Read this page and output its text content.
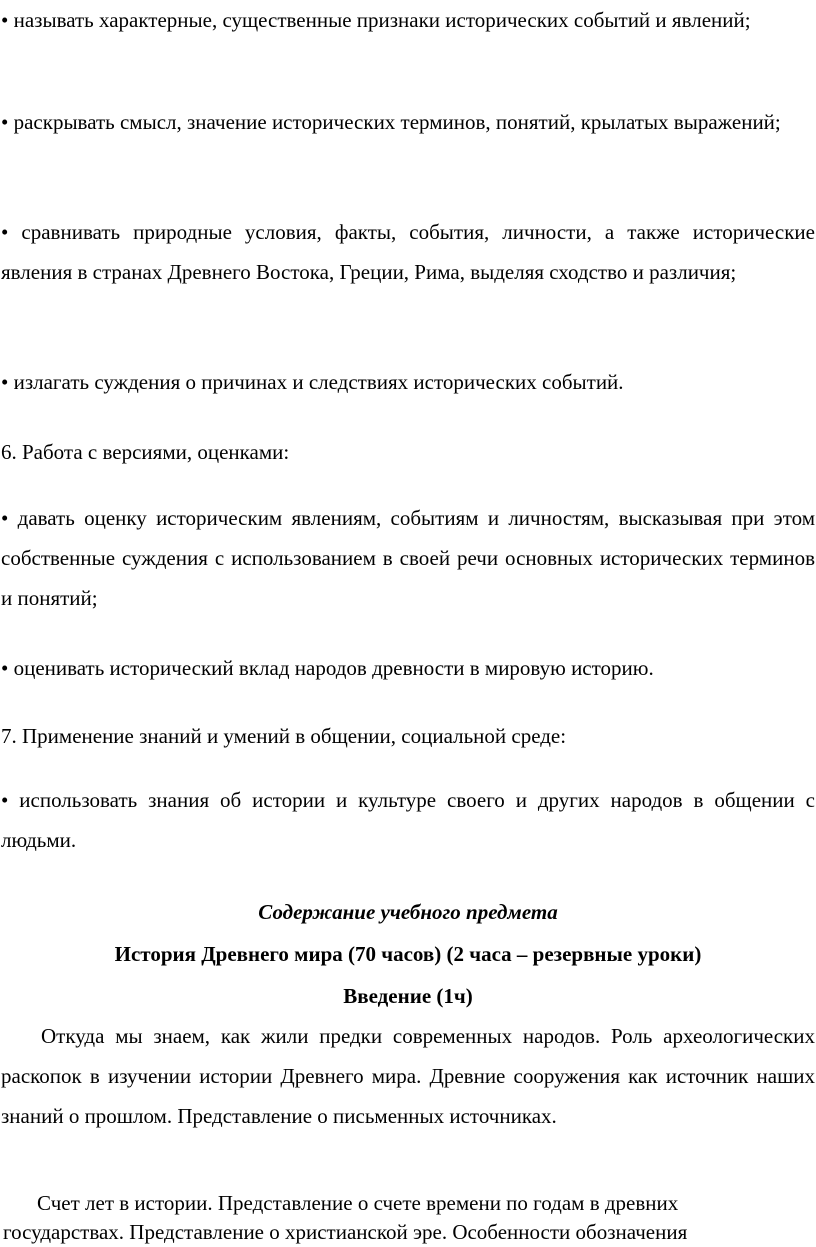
• называть характерные, существенные признаки исторических событий и явлений;

• раскрывать смысл, значение исторических терминов, понятий, крылатых выражений;

• сравнивать природные условия, факты, события, личности, а также исторические явления в странах Древнего Востока, Греции, Рима, выделяя сходство и различия;

• излагать суждения о причинах и следствиях исторических событий.

6. Работа с версиями, оценками:

• давать оценку историческим явлениям, событиям и личностям, высказывая при этом собственные суждения с использованием в своей речи основных исторических терминов и понятий;

• оценивать исторический вклад народов древности в мировую историю.

7. Применение знаний и умений в общении, социальной среде:

• использовать знания об истории и культуре своего и других народов в общении с людьми.

Содержание учебного предмета

История Древнего мира (70 часов) (2 часа – резервные уроки)

Введение (1ч)

Откуда мы знаем, как жили предки современных народов. Роль археологических раскопок в изучении истории Древнего мира. Древние сооружения как источник наших знаний о прошлом. Представление о письменных источниках.

Счет лет в истории. Представление о счете времени по годам в древних государствах. Представление о христианской эре. Особенности обозначения
